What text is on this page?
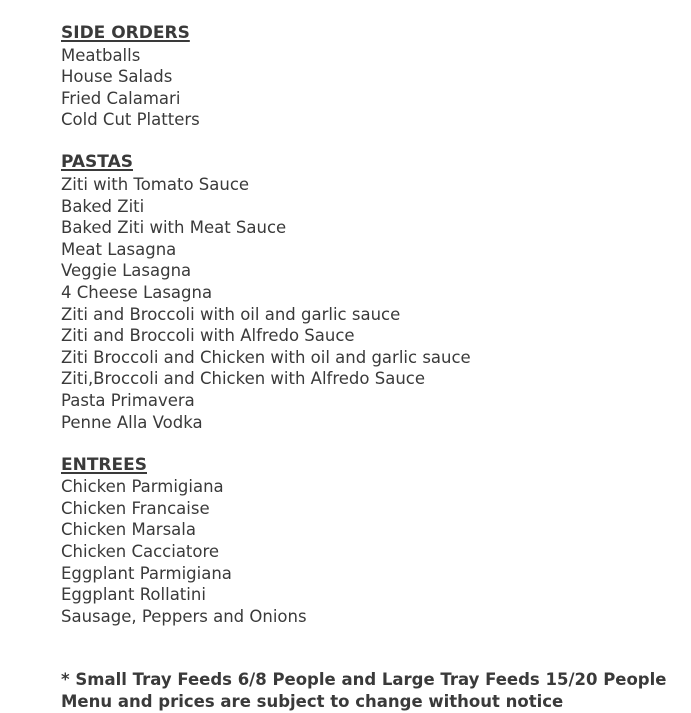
SIDE ORDERS
Meatballs
House Salads
Fried Calamari
Cold Cut Platters
PASTAS
Ziti with Tomato Sauce
Baked Ziti
Baked Ziti with Meat Sauce
Meat Lasagna
Veggie Lasagna
4 Cheese Lasagna
Ziti and Broccoli with oil and garlic sauce
Ziti and Broccoli with Alfredo Sauce
Ziti Broccoli and Chicken with oil and garlic sauce
Ziti,Broccoli and Chicken with Alfredo Sauce
Pasta Primavera
Penne Alla Vodka
ENTREES
Chicken Parmigiana
Chicken Francaise
Chicken Marsala
Chicken Cacciatore
Eggplant Parmigiana
Eggplant Rollatini
Sausage, Peppers and Onions

* Small Tray Feeds 6/8 People and Large Tray Feeds 15/20 People

Menu and prices are subject to change without notice
